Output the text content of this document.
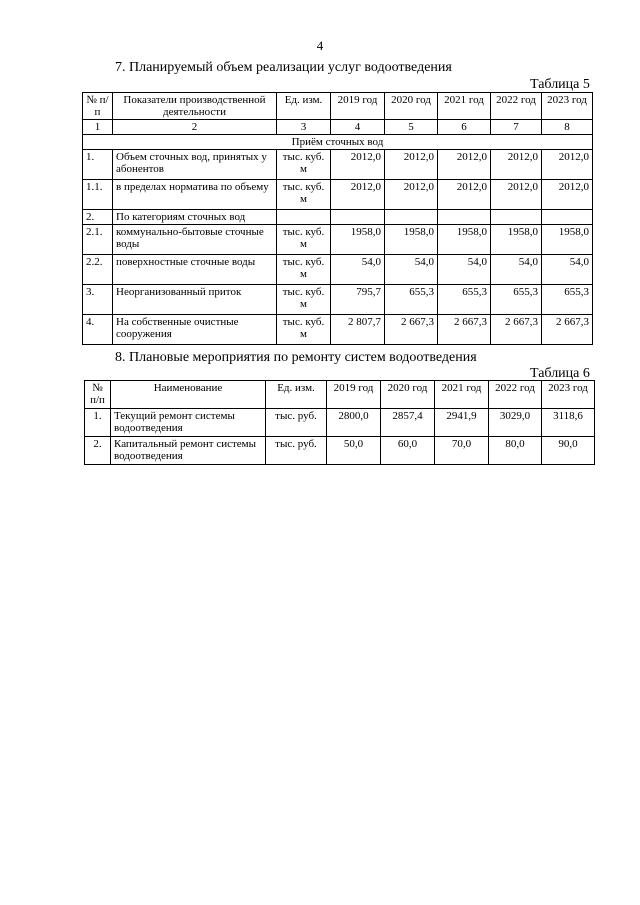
4
7. Планируемый объем реализации услуг водоотведения
Таблица 5
№ п/п	Показатели производственной деятельности	Ед. изм.	2019 год	2020 год	2021 год	2022 год	2023 год
1	2	3	4	5	6	7	8
Приём сточных вод							
1.	Объем сточных вод, принятых у абонентов	тыс. куб. м	2012,0	2012,0	2012,0	2012,0	2012,0
1.1.	в пределах норматива по объему	тыс. куб. м	2012,0	2012,0	2012,0	2012,0	2012,0
2.	По категориям сточных вод						
2.1.	коммунально-бытовые сточные воды	тыс. куб. м	1958,0	1958,0	1958,0	1958,0	1958,0
2.2.	поверхностные сточные воды	тыс. куб. м	54,0	54,0	54,0	54,0	54,0
3.	Неорганизованный приток	тыс. куб. м	795,7	655,3	655,3	655,3	655,3
4.	На собственные очистные сооружения	тыс. куб. м	2 807,7	2 667,3	2 667,3	2 667,3	2 667,3
8. Плановые мероприятия по ремонту систем водоотведения
Таблица 6
№ п/п	Наименование	Ед. изм.	2019 год	2020 год	2021 год	2022 год	2023 год
1.	Текущий ремонт системы водоотведения	тыс. руб.	2800,0	2857,4	2941,9	3029,0	3118,6
2.	Капитальный ремонт системы водоотведения	тыс. руб.	50,0	60,0	70,0	80,0	90,0
